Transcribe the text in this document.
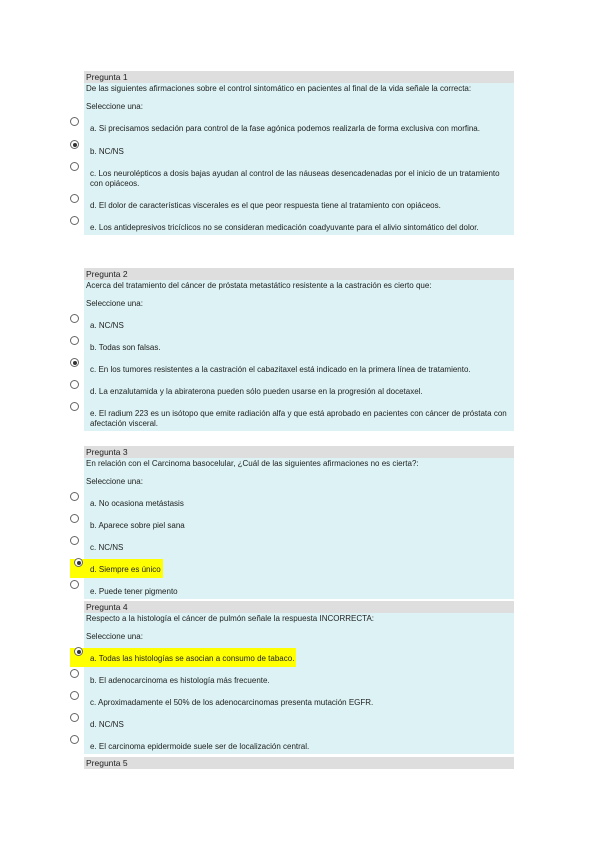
Pregunta 1
De las siguientes afirmaciones sobre el control sintomático en pacientes al final de la vida señale la correcta:
Seleccione una:
a. Si precisamos sedación para control de la fase agónica podemos realizarla de forma exclusiva con morfina.
b. NC/NS
c. Los neurolépticos a dosis bajas ayudan al control de las náuseas desencadenadas por el inicio de un tratamiento con opiáceos.
d. El dolor de características viscerales es el que peor respuesta tiene al tratamiento con opiáceos.
e. Los antidepresivos tricíclicos no se consideran medicación coadyuvante para el alivio sintomático del dolor.
Pregunta 2
Acerca del tratamiento del cáncer de próstata metastático resistente a la castración es cierto que:
Seleccione una:
a. NC/NS
b. Todas son falsas.
c. En los tumores resistentes a la castración el cabazitaxel está indicado en la primera línea de tratamiento.
d. La enzalutamida y la abiraterona pueden sólo pueden usarse en la progresión al docetaxel.
e. El radium 223 es un isótopo que emite radiación alfa y que está aprobado en pacientes con cáncer de próstata con afectación visceral.
Pregunta 3
En relación con el Carcinoma basocelular, ¿Cuál de las siguientes afirmaciones no es cierta?:
Seleccione una:
a. No ocasiona metástasis
b. Aparece sobre piel sana
c. NC/NS
d. Siempre es único
e. Puede tener pigmento
Pregunta 4
Respecto a la histología el cáncer de pulmón señale la respuesta INCORRECTA:
Seleccione una:
a. Todas las histologías se asocian a consumo de tabaco.
b. El adenocarcinoma es histología más frecuente.
c. Aproximadamente el 50% de los adenocarcinomas presenta mutación EGFR.
d. NC/NS
e. El carcinoma epidermoide suele ser de localización central.
Pregunta 5
